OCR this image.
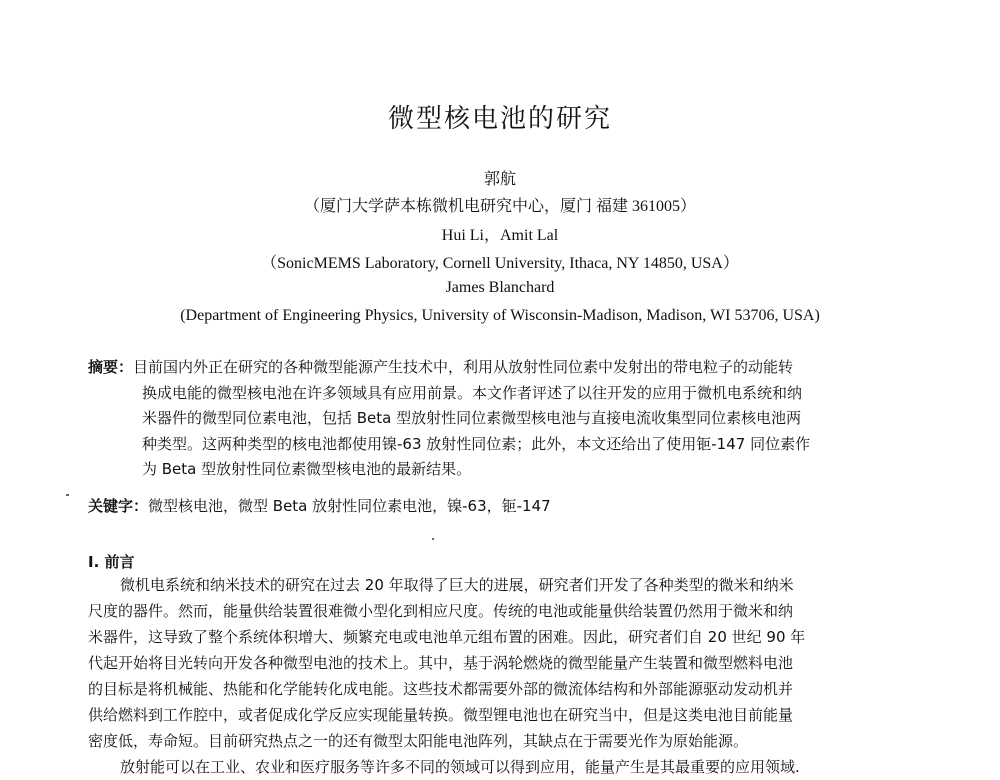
微型核电池的研究
郭航
（厦门大学萨本栋微机电研究中心，厦门 福建 361005）
Hui Li，Amit Lal
（SonicMEMS Laboratory, Cornell University, Ithaca, NY 14850, USA）
James Blanchard
(Department of Engineering Physics, University of Wisconsin-Madison, Madison, WI 53706, USA)
摘要：目前国内外正在研究的各种微型能源产生技术中，利用从放射性同位素中发射出的带电粒子的动能转
换成电能的微型核电池在许多领域具有应用前景。本文作者评述了以往开发的应用于微机电系统和纳
米器件的微型同位素电池，包括 Beta 型放射性同位素微型核电池与直接电流收集型同位素核电池两
种类型。这两种类型的核电池都使用镍-63 放射性同位素；此外，本文还给出了使用钷-147 同位素作
为 Beta 型放射性同位素微型核电池的最新结果。
关键字：微型核电池，微型 Beta 放射性同位素电池，镍-63，钷-147
I. 前言

微机电系统和纳米技术的研究在过去 20 年取得了巨大的进展，研究者们开发了各种类型的微米和纳米

尺度的器件。然而，能量供给装置很难微小型化到相应尺度。传统的电池或能量供给装置仍然用于微米和纳

米器件，这导致了整个系统体积增大、频繁充电或电池单元组布置的困难。因此，研究者们自 20 世纪 90 年

代起开始将目光转向开发各种微型电池的技术上。其中，基于涡轮燃烧的微型能量产生装置和微型燃料电池

的目标是将机械能、热能和化学能转化成电能。这些技术都需要外部的微流体结构和外部能源驱动发动机并

供给燃料到工作腔中，或者促成化学反应实现能量转换。微型锂电池也在研究当中，但是这类电池目前能量

密度低，寿命短。目前研究热点之一的还有微型太阳能电池阵列，其缺点在于需要光作为原始能源。

放射能可以在工业、农业和医疗服务等许多不同的领域可以得到应用，能量产生是其最重要的应用领域.
